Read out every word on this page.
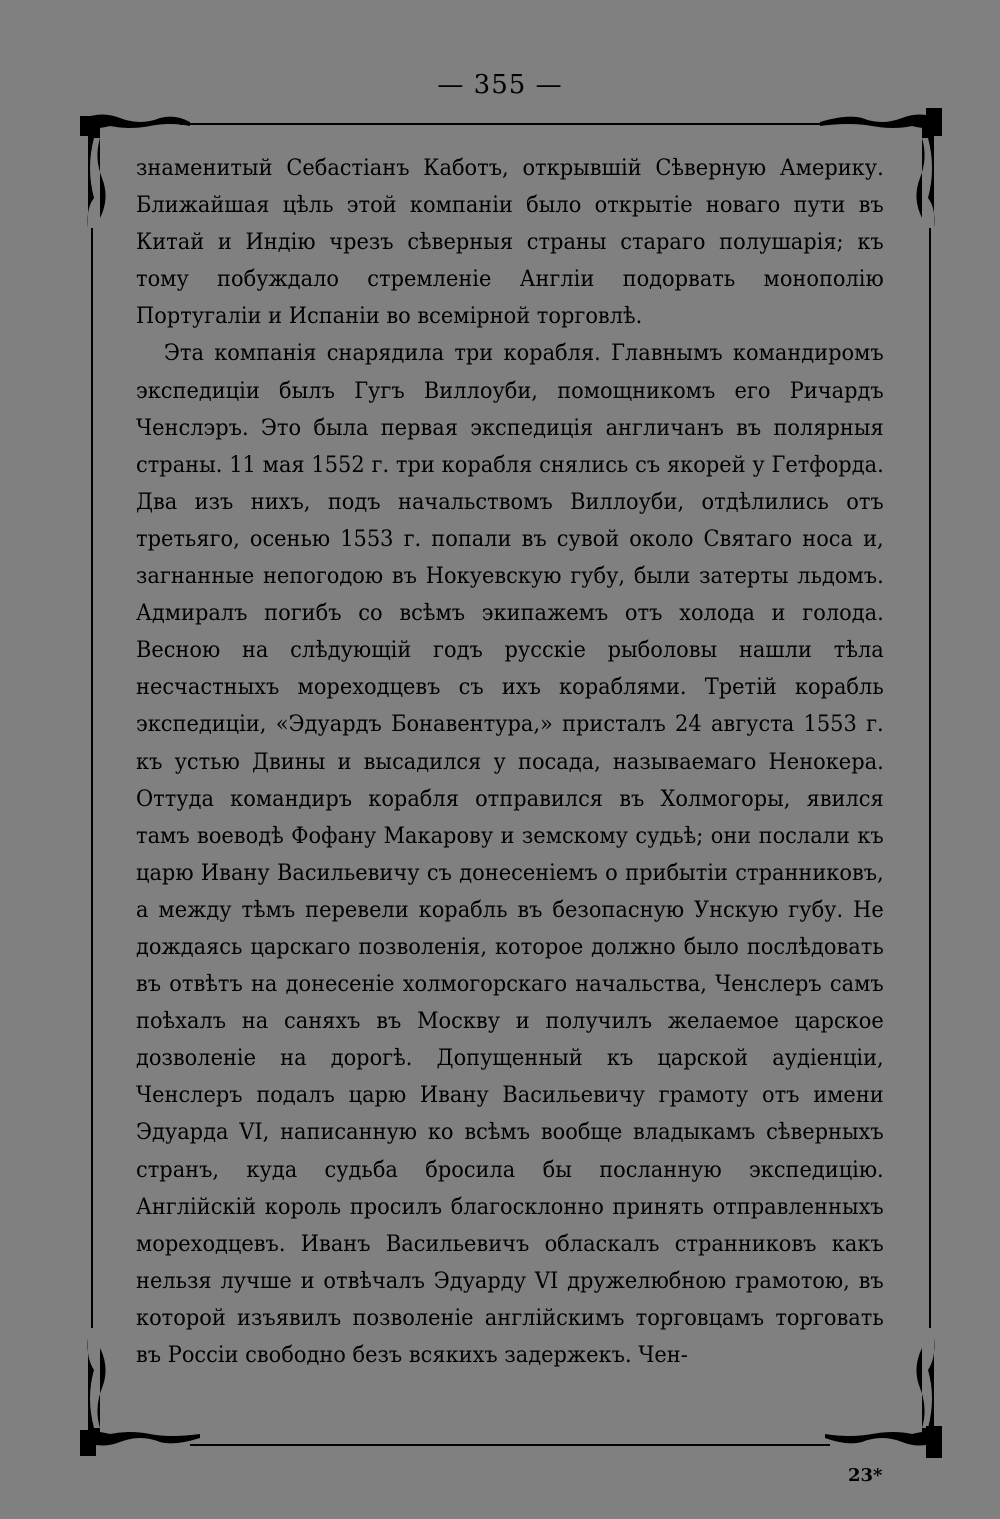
— 355 —

знаменитый Себастіанъ Каботъ, открывшій Сѣверную Америку. Ближайшая цѣль этой компаніи было открытіе новаго пути въ Китай и Индію чрезъ сѣверныя страны стараго полушарія; къ тому побуждало стремленіе Англіи подорвать монополію Португаліи и Испаніи во всемірной торговлѣ.

Эта компанія снарядила три корабля. Главнымъ командиромъ экспедиціи былъ Гугъ Виллоуби, помощникомъ его Ричардъ Ченслэръ. Это была первая экспедиція англичанъ въ полярныя страны. 11 мая 1552 г. три корабля снялись съ якорей у Гетфорда. Два изъ нихъ, подъ начальствомъ Виллоуби, отдѣлились отъ третьяго, осенью 1553 г. попали въ сувой около Святаго носа и, загнанные непогодою въ Нокуевскую губу, были затерты льдомъ. Адмиралъ погибъ со всѣмъ экипажемъ отъ холода и голода. Весною на слѣдующій годъ русскіе рыболовы нашли тѣла несчастныхъ мореходцевъ съ ихъ кораблями. Третій корабль экспедиціи, «Эдуардъ Бонавентура,» присталъ 24 августа 1553 г. къ устью Двины и высадился у посада, называемаго Ненокера. Оттуда командиръ корабля отправился въ Холмогоры, явился тамъ воеводѣ Фофану Макарову и земскому судьѣ; они послали къ царю Ивану Васильевичу съ донесеніемъ о прибытіи странниковъ, а между тѣмъ перевели корабль въ безопасную Унскую губу. Не дождаясь царскаго позволенія, которое должно было послѣдовать въ отвѣтъ на донесеніе холмогорскаго начальства, Ченслеръ самъ поѣхалъ на саняхъ въ Москву и получилъ желаемое царское дозволеніе на дорогѣ. Допущенный къ царской аудіенціи, Ченслеръ подалъ царю Ивану Васильевичу грамоту отъ имени Эдуарда VI, написанную ко всѣмъ вообще владыкамъ сѣверныхъ странъ, куда судьба бросила бы посланную экспедицію. Англійскій король просилъ благосклонно принять отправленныхъ мореходцевъ. Иванъ Васильевичъ обласкалъ странниковъ какъ нельзя лучше и отвѣчалъ Эдуарду VI дружелюбною грамотою, въ которой изъявилъ позволеніе англійскимъ торговцамъ торговать въ Россіи свободно безъ всякихъ задержекъ. Чен-

23*
